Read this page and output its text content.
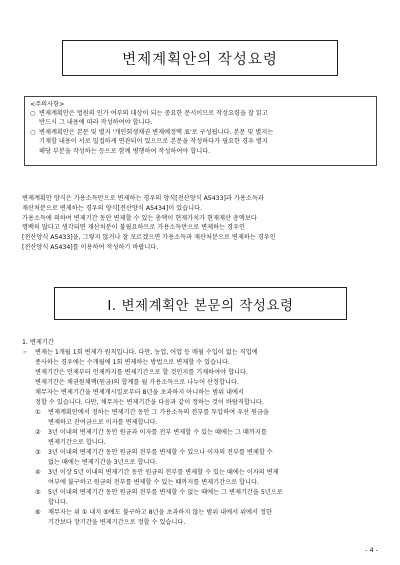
변제계획안의 작성요령
<주의사항>
○ 변제계획안은 법원의 인가 여부의 대상이 되는 중요한 문서이므로 작성요령을 잘 읽고
반드시 그 내용에 따라 작성하여야 합니다.
○ 변제계획안은 본문 및 별지 '개인회생채권 변제예정액 표'로 구성됩니다. 본문 및 별지는
기재할 내용이 서로 밀접하게 연관되어 있으므로 본문을 작성하다가 필요한 경우 별지
해당 부분을 작성하는 등으로 함께 병행하여 작성하여야 합니다.

변제계획안 양식은 가용소득만으로 변제하는 경우의 양식[전산양식 A5433]과 가용소득과

재산처분으로 변제하는 경우의 양식[전산양식 A5434]이 있습니다.

가용소득에 의하여 변제기간 동안 변제할 수 있는 총액이 현재가치가 현재재산 총액보다

명백히 많다고 생각되면 재산처분이 불필요하므로 가용소득만으로 변제하는 경우인

[전산양식 A5433]을, 그렇지 않거나 잘 모르겠으면 가용소득과 재산처분으로 변제하는 경우인

[전산양식 A5434]를 이용하여 작성하기 바랍니다.

I. 변제계획안 본문의 작성요령
1. 변제기간
☞	변제는 1개월 1회 변제가 원칙입니다. 다만, 농업, 어업 등 매월 수입이 없는 직업에
종사하는 경우에는 수개월에 1회 변제하는 방법으로 변제할 수 있습니다.
변제기간은 언제부터 언제까지를 변제기간으로 할 것인지를 기재하여야 합니다.
변제기간은 채권원채액(원금)의 합계를 월 가용소득으로 나누어 산정합니다.
채무자는 변제기간을 변제개시일로부터 8년을 초과하지 아니하는 범위 내에서
정할 수 있습니다. 다만, 채무자는 변제기간을 다음과 같이 정하는 것이 바람직합니다.
①	변제계획안에서 정하는 변제기간 동안 그 가용소득의 전부를 투입하여 우선 원금을
변제하고 잔여금으로 이자를 변제합니다.
②	3년 이내의 변제기간 동안 원금과 이자를 전부 변제할 수 있는 때에는 그 때까지를
변제기간으로 합니다.
③	3년 이내의 변제기간 동안 원금의 전부를 변제할 수 있으나 이자의 전부를 변제할 수
없는 때에는 변제기간을 3년으로 합니다.
④	3년 이상 5년 이내의 변제기간 동안 원금의 전부를 변제할 수 있는 때에는 이자의 변제
여부에 불구하고 원금의 전부를 변제할 수 있는 때까지를 변제기간으로 합니다.
⑤	5년 이내의 변제기간 동안 원금의 전부를 변제할 수 없는 때에는 그 변제기간을 5년으로
합니다.
⑥	채무자는 위 ① 내지 ⑤에도 불구하고 8년을 초과하지 않는 범위 내에서 위에서 정한
기간보다 장기간을 변제기간으로 정할 수 있습니다.
- 4 -
